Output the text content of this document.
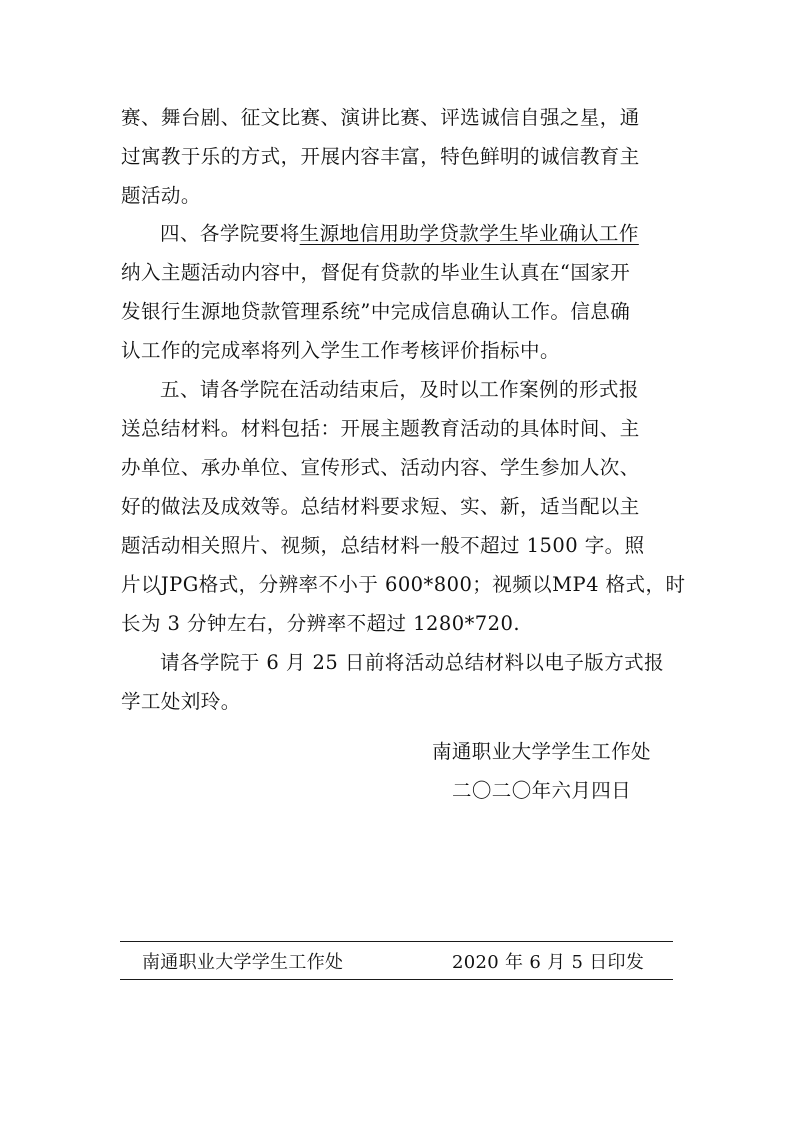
赛、舞台剧、征文比赛、演讲比赛、评选诚信自强之星，通
过寓教于乐的方式，开展内容丰富，特色鲜明的诚信教育主
题活动。
四、各学院要将生源地信用助学贷款学生毕业确认工作
纳入主题活动内容中，督促有贷款的毕业生认真在“国家开
发银行生源地贷款管理系统”中完成信息确认工作。信息确
认工作的完成率将列入学生工作考核评价指标中。
五、请各学院在活动结束后，及时以工作案例的形式报
送总结材料。材料包括：开展主题教育活动的具体时间、主
办单位、承办单位、宣传形式、活动内容、学生参加人次、
好的做法及成效等。总结材料要求短、实、新，适当配以主
题活动相关照片、视频，总结材料一般不超过 1500 字。照
片以JPG格式，分辨率不小于 600*800；视频以MP4 格式，时
长为 3 分钟左右，分辨率不超过 1280*720.
请各学院于 6 月 25 日前将活动总结材料以电子版方式报
学工处刘玲。
南通职业大学学生工作处
二〇二〇年六月四日
南通职业大学学生工作处	2020 年 6 月 5 日印发
